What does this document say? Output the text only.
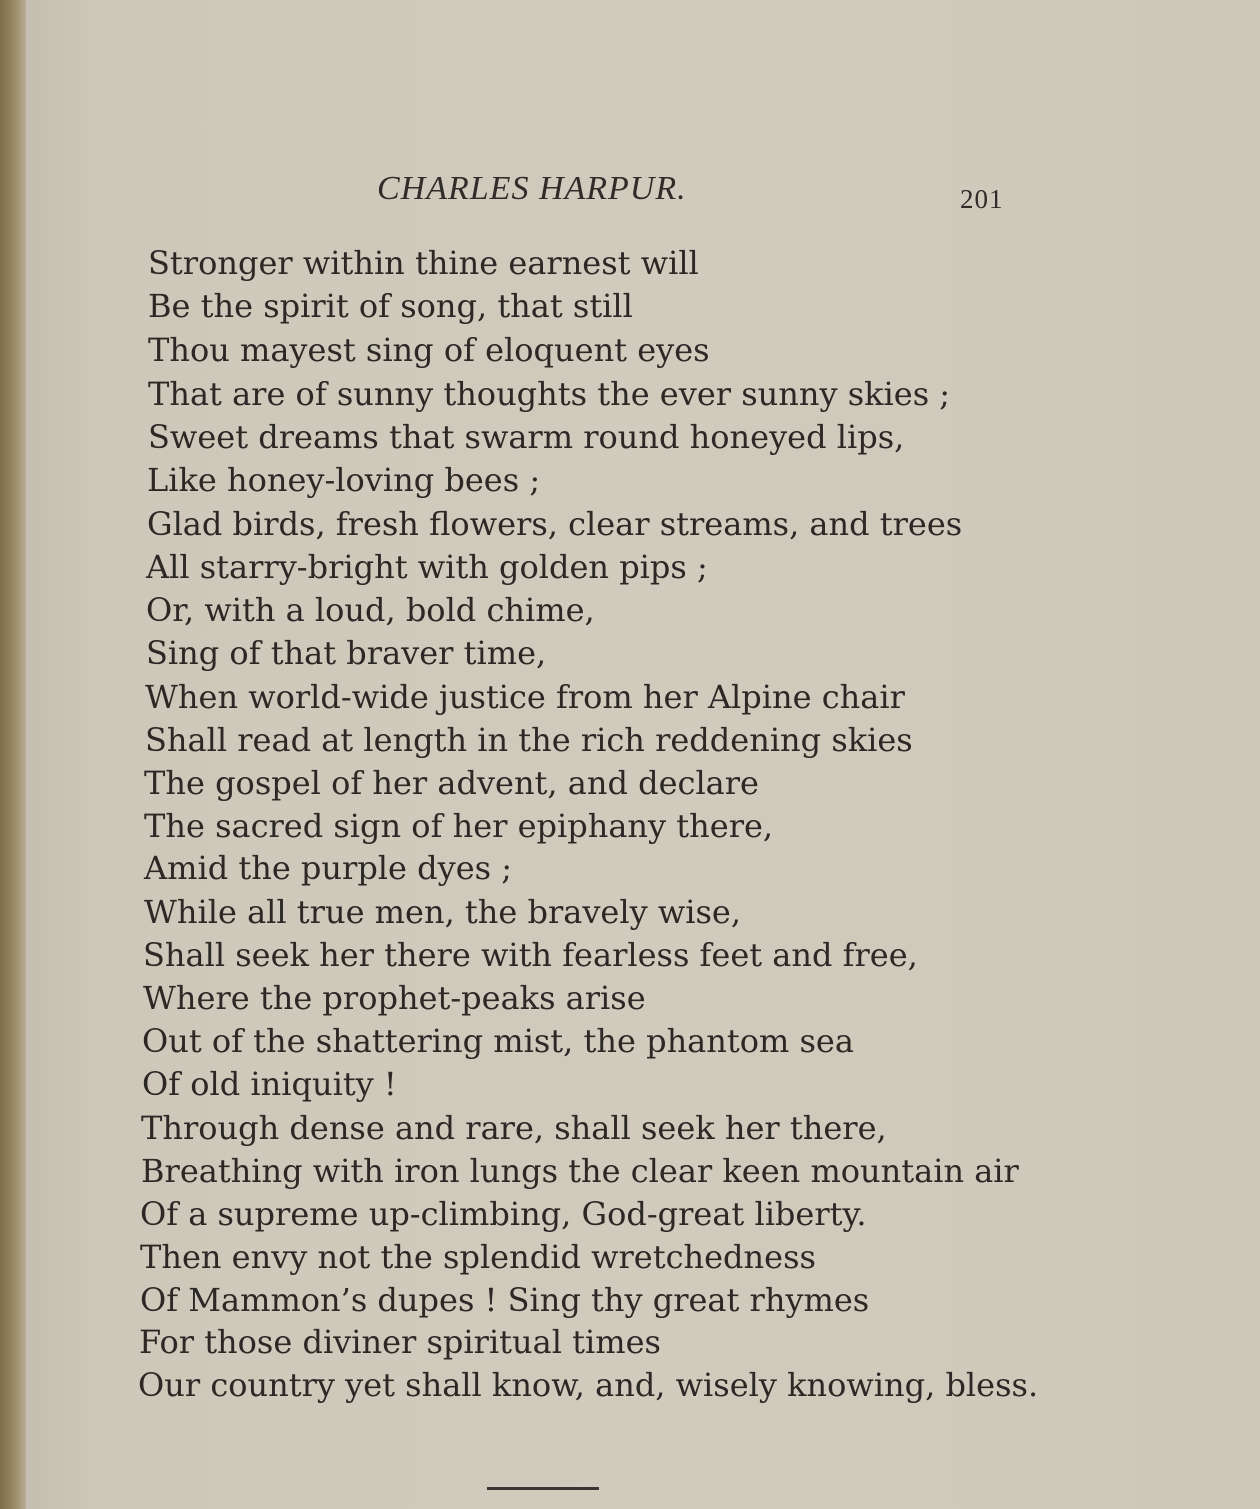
CHARLES HARPUR.	201
Stronger within thine earnest will
Be the spirit of song, that still
Thou mayest sing of eloquent eyes
That are of sunny thoughts the ever sunny skies ;
Sweet dreams that swarm round honeyed lips,
Like honey-loving bees ;
Glad birds, fresh flowers, clear streams, and trees
All starry-bright with golden pips ;
Or, with a loud, bold chime,
Sing of that braver time,
When world-wide justice from her Alpine chair
Shall read at length in the rich reddening skies
The gospel of her advent, and declare
The sacred sign of her epiphany there,
Amid the purple dyes ;
While all true men, the bravely wise,
Shall seek her there with fearless feet and free,
Where the prophet-peaks arise
Out of the shattering mist, the phantom sea
Of old iniquity !
Through dense and rare, shall seek her there,
Breathing with iron lungs the clear keen mountain air
Of a supreme up-climbing, God-great liberty.
Then envy not the splendid wretchedness
Of Mammon’s dupes ! Sing thy great rhymes
For those diviner spiritual times
Our country yet shall know, and, wisely knowing, bless.
